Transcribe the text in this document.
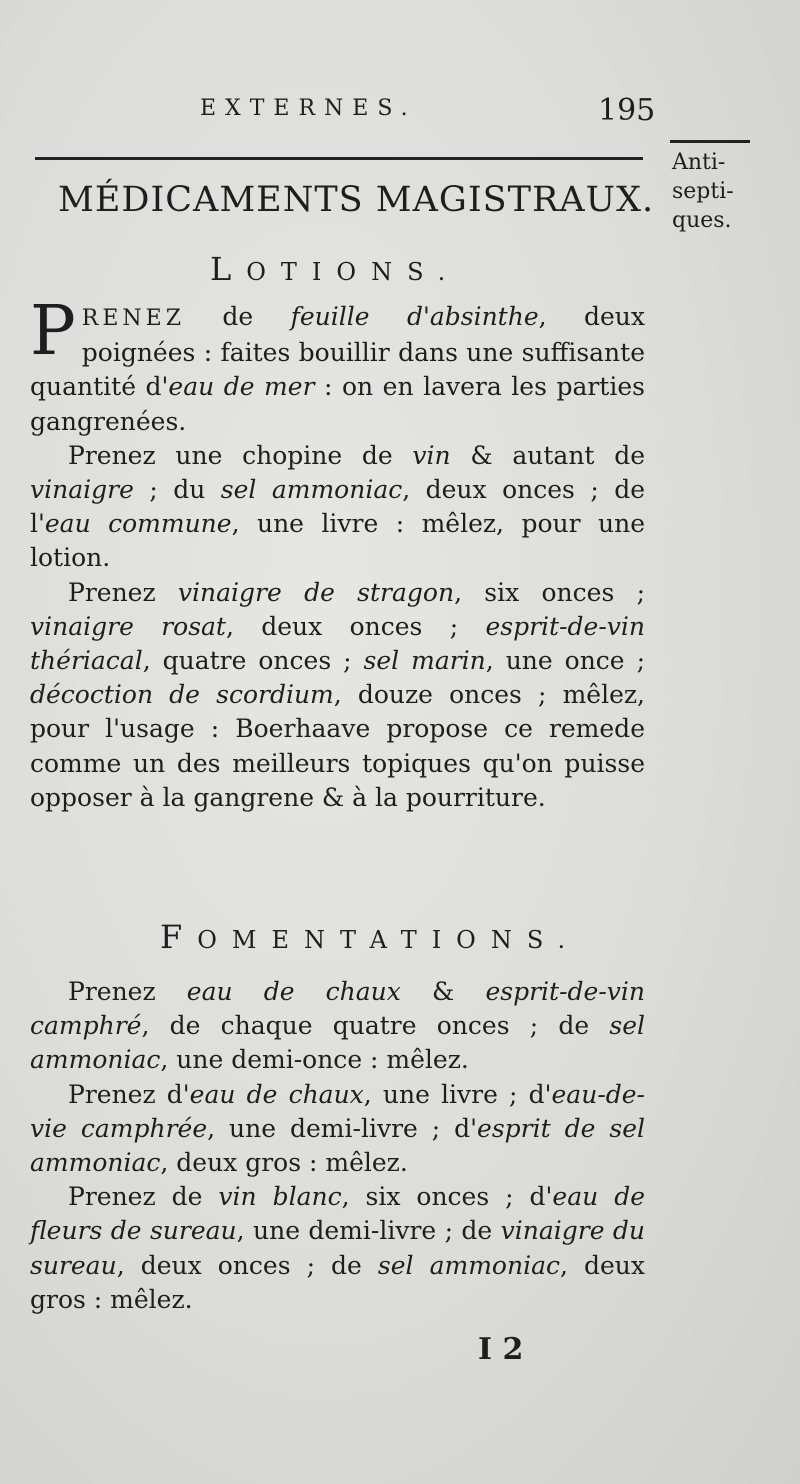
EXTERNES.	195
Anti-
septi-
ques.
MÉDICAMENTS MAGISTRAUX.
LOTIONS.

PRENEZ de feuille d'absinthe, deux poignées : faites bouillir dans une suffisante quantité d'eau de mer : on en lavera les parties gangrenées.

Prenez une chopine de vin & autant de vinaigre ; du sel ammoniac, deux onces ; de l'eau commune, une livre : mêlez, pour une lotion.

Prenez vinaigre de stragon, six onces ; vinaigre rosat, deux onces ; esprit-de-vin thériacal, quatre onces ; sel marin, une once ; décoction de scordium, douze onces ; mêlez, pour l'usage : Boerhaave propose ce remede comme un des meilleurs topiques qu'on puisse opposer à la gangrene & à la pourriture.

FOMENTATIONS.

Prenez eau de chaux & esprit-de-vin camphré, de chaque quatre onces ; de sel ammoniac, une demi-once : mêlez.

Prenez d'eau de chaux, une livre ; d'eau-de-vie camphrée, une demi-livre ; d'esprit de sel ammoniac, deux gros : mêlez.

Prenez de vin blanc, six onces ; d'eau de fleurs de sureau, une demi-livre ; de vinaigre du sureau, deux onces ; de sel ammoniac, deux gros : mêlez.

I 2
